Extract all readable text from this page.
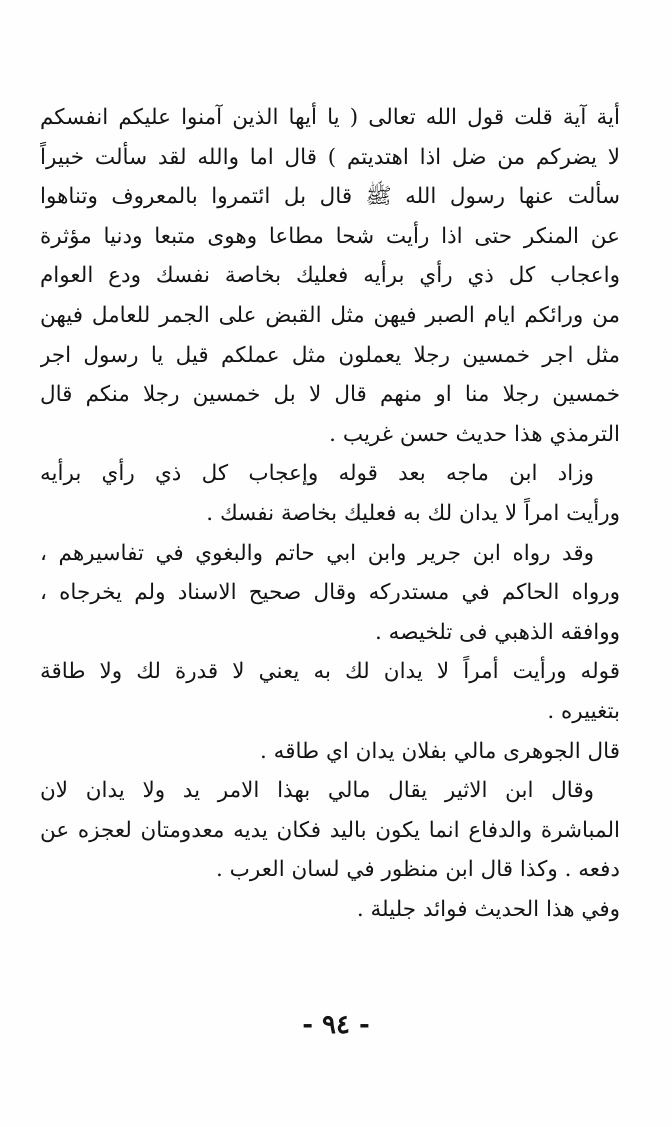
أية آية قلت قول الله تعالى ( يا أيها الذين آمنوا عليكم انفسكم
لا يضركم من ضل اذا اهتديتم ) قال اما والله لقد سألت خبيراً
سألت عنها رسول الله ﷺ قال بل ائتمروا بالمعروف وتناهوا
عن المنكر حتى اذا رأيت شحا مطاعا وهوى متبعا ودنيا مؤثرة
واعجاب كل ذي رأي برأيه فعليك بخاصة نفسك ودع العوام
من ورائكم ايام الصبر فيهن مثل القبض على الجمر للعامل فيهن
مثل اجر خمسين رجلا يعملون مثل عملكم قيل يا رسول اجر
خمسين رجلا منا او منهم قال لا بل خمسين رجلا منكم قال
الترمذي هذا حديث حسن غريب .
وزاد ابن ماجه بعد قوله وإعجاب كل ذي رأي برأيه
ورأيت امراً لا يدان لك به فعليك بخاصة نفسك .
وقد رواه ابن جرير وابن ابي حاتم والبغوي في تفاسيرهم ،
ورواه الحاكم في مستدركه وقال صحيح الاسناد ولم يخرجاه ،
ووافقه الذهبي فى تلخيصه .
قوله ورأيت أمراً لا يدان لك به يعني لا قدرة لك ولا طاقة
بتغييره .
قال الجوهرى مالي بفلان يدان اي طاقه .
وقال ابن الاثير يقال مالي بهذا الامر يد ولا يدان لان
المباشرة والدفاع انما يكون باليد فكان يديه معدومتان لعجزه عن
دفعه . وكذا قال ابن منظور في لسان العرب .
وفي هذا الحديث فوائد جليلة .
- ٩٤ -
